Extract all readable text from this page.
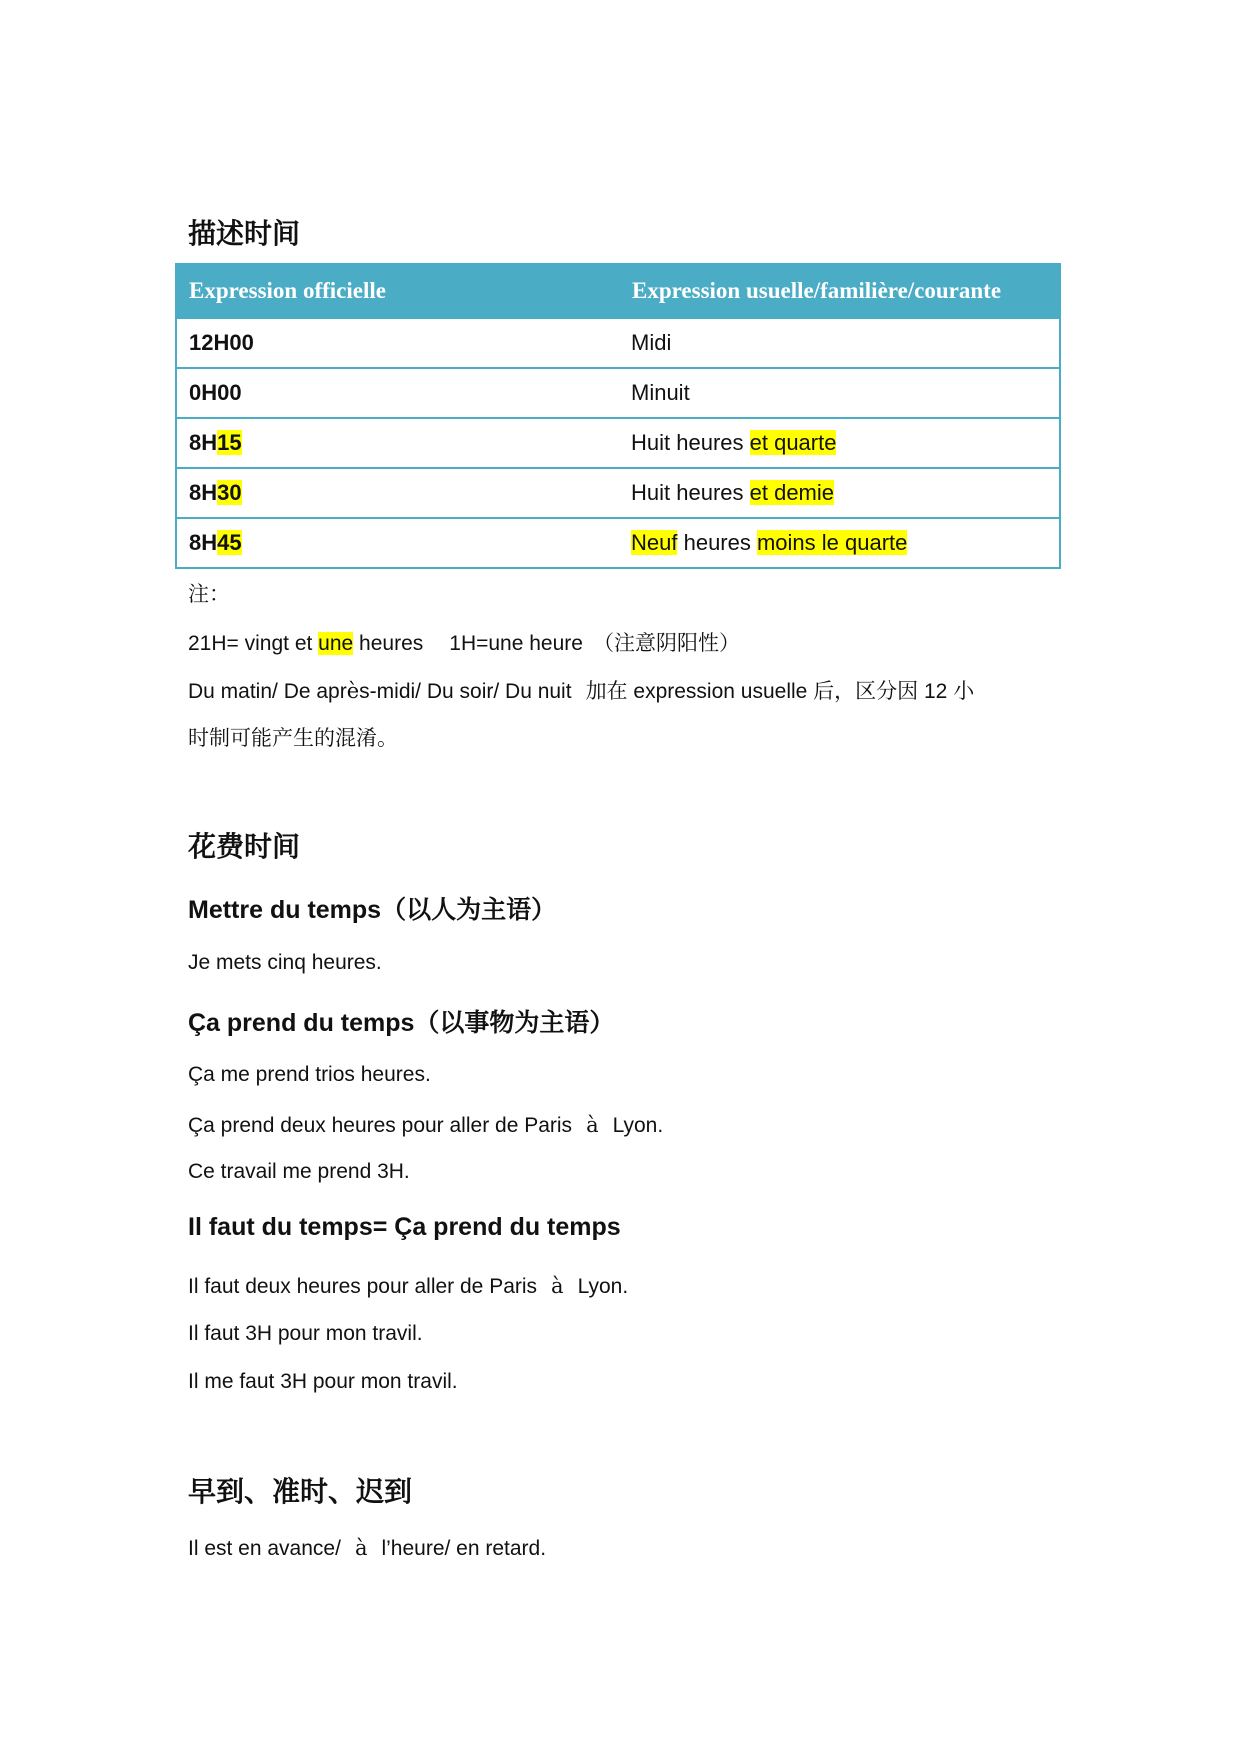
描述时间
Expression officielle	Expression usuelle/familière/courante
12H00	Midi
0H00	Minuit
8H15	Huit heures et quarte
8H30	Huit heures et demie
8H45	Neuf heures moins le quarte
注：
21H= vingt et une heures 1H=une heure （注意阴阳性）
Du matin/ De après-midi/ Du soir/ Du nuit 加在 expression usuelle 后，区分因 12 小
时制可能产生的混淆。
花费时间
Mettre du temps（以人为主语）
Je mets cinq heures.
Ça prend du temps（以事物为主语）
Ça me prend trios heures.
Ça prend deux heures pour aller de Paris à Lyon.
Ce travail me prend 3H.
Il faut du temps= Ça prend du temps
Il faut deux heures pour aller de Paris à Lyon.
Il faut 3H pour mon travil.
Il me faut 3H pour mon travil.
早到、准时、迟到
Il est en avance/ à l’heure/ en retard.
